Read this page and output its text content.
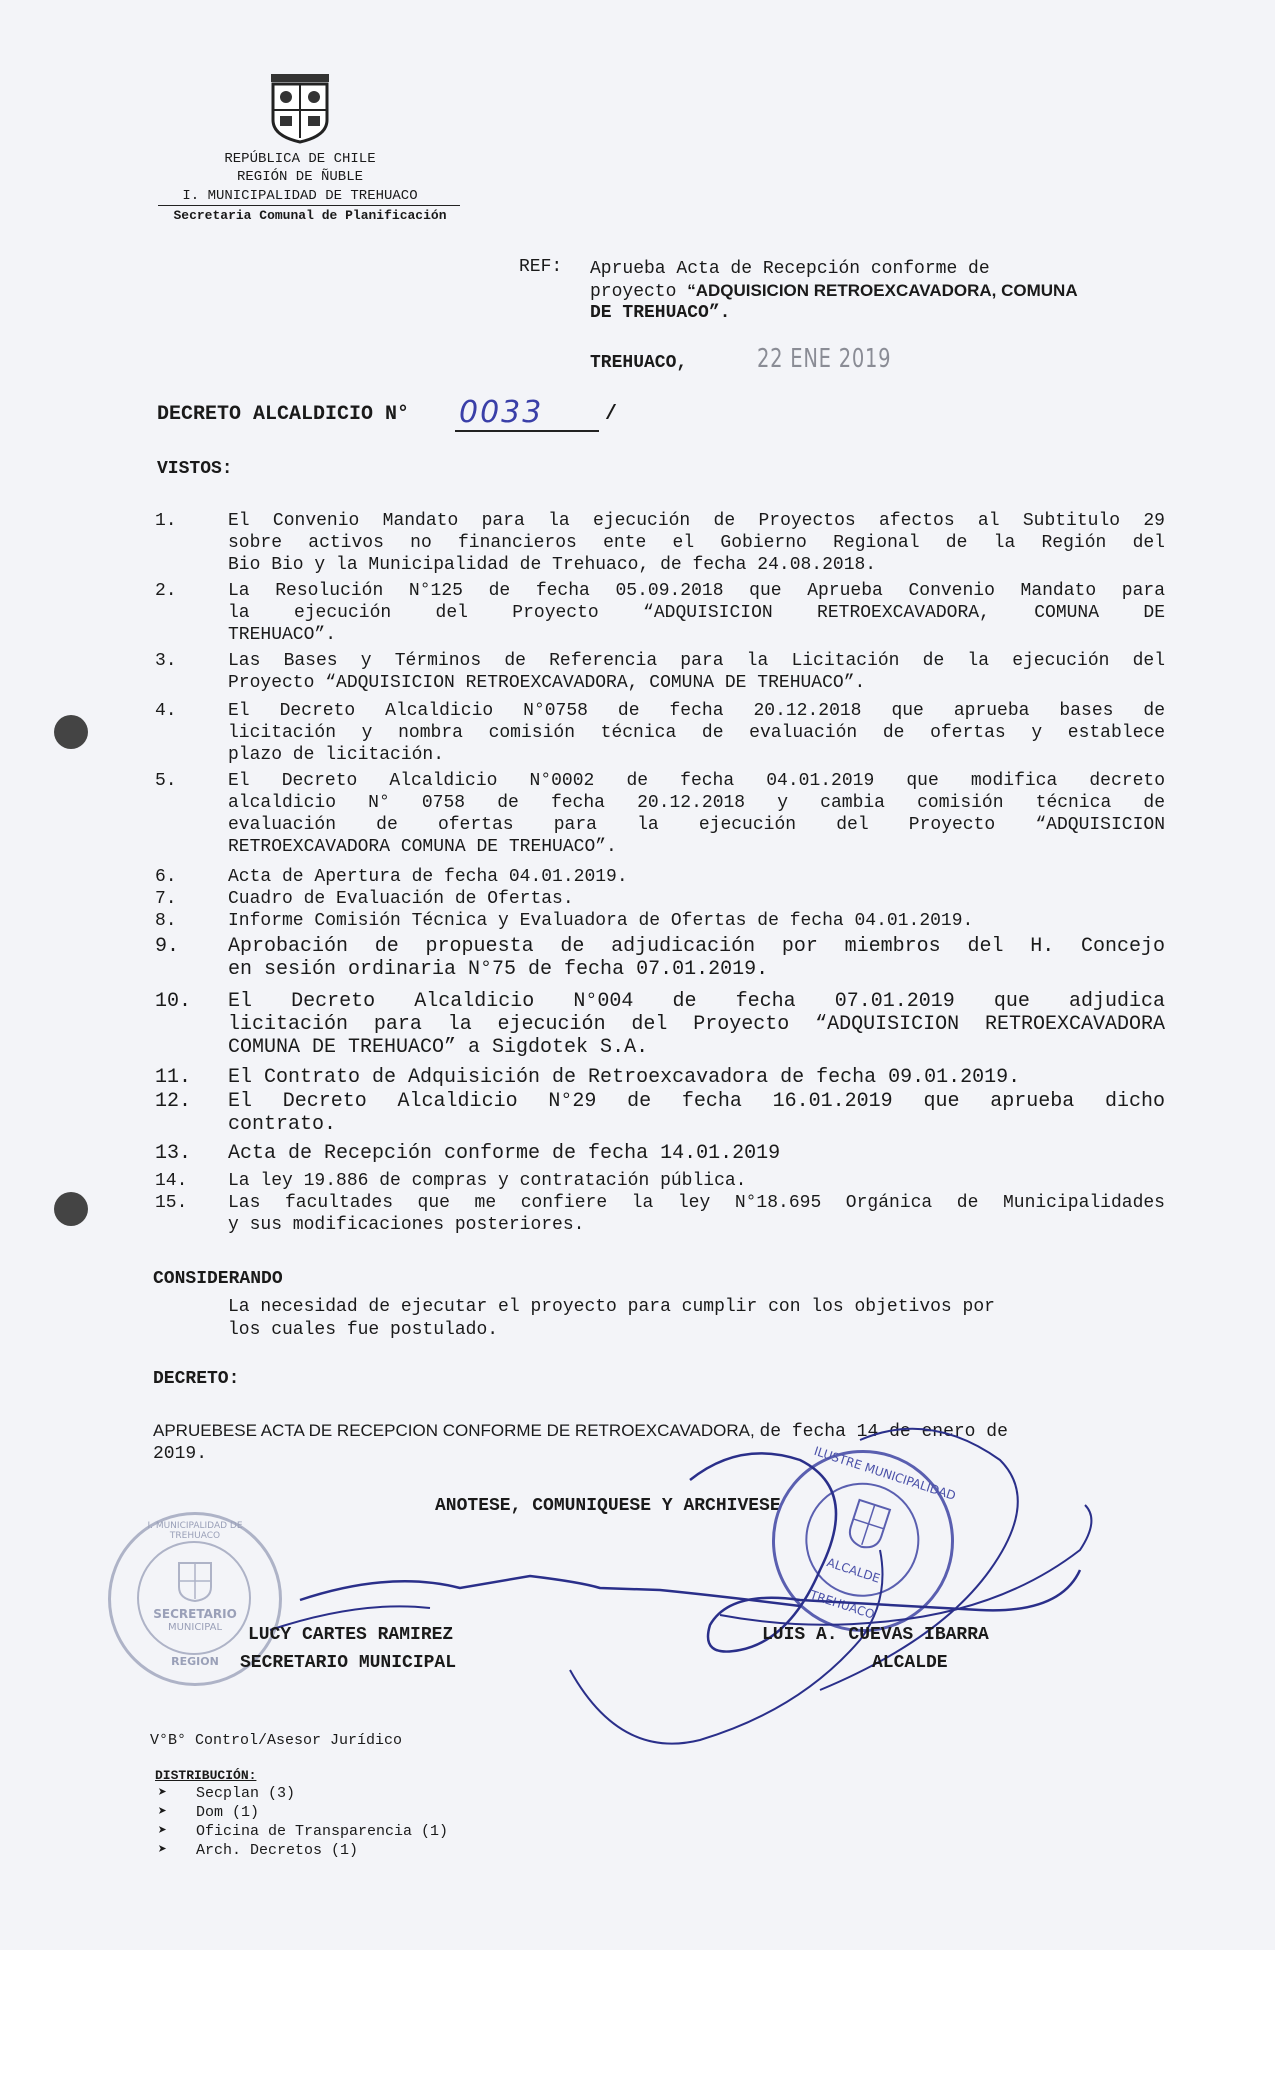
REPÚBLICA DE CHILE
REGIÓN DE ÑUBLE
I. MUNICIPALIDAD DE TREHUACO
Secretaria Comunal de Planificación
REF: Aprueba Acta de Recepción conforme de
proyecto “ADQUISICION RETROEXCAVADORA, COMUNA
DE TREHUACO”.
TREHUACO,	22 ENE 2019
DECRETO ALCALDICIO N° 0033	/
VISTOS:
1.	El Convenio Mandato para la ejecución de Proyectos afectos al Subtitulo 29
sobre activos no financieros ente el Gobierno Regional de la Región del
Bio Bio y la Municipalidad de Trehuaco, de fecha 24.08.2018.
2.	La Resolución N°125 de fecha 05.09.2018 que Aprueba Convenio Mandato para
la ejecución del Proyecto “ADQUISICION RETROEXCAVADORA, COMUNA DE
TREHUACO”.
3.	Las Bases y Términos de Referencia para la Licitación de la ejecución del
Proyecto “ADQUISICION RETROEXCAVADORA, COMUNA DE TREHUACO”.
4.	El Decreto Alcaldicio N°0758 de fecha 20.12.2018 que aprueba bases de
licitación y nombra comisión técnica de evaluación de ofertas y establece
plazo de licitación.
5.	El Decreto Alcaldicio N°0002 de fecha 04.01.2019 que modifica decreto
alcaldicio N° 0758 de fecha 20.12.2018 y cambia comisión técnica de
evaluación de ofertas para la ejecución del Proyecto “ADQUISICION
RETROEXCAVADORA COMUNA DE TREHUACO”.
6.	Acta de Apertura de fecha 04.01.2019.
7.	Cuadro de Evaluación de Ofertas.
8.	Informe Comisión Técnica y Evaluadora de Ofertas de fecha 04.01.2019.
9.	Aprobación de propuesta de adjudicación por miembros del H. Concejo
en sesión ordinaria N°75 de fecha 07.01.2019.
10.	El Decreto Alcaldicio N°004 de fecha 07.01.2019 que adjudica
licitación para la ejecución del Proyecto “ADQUISICION RETROEXCAVADORA
COMUNA DE TREHUACO” a Sigdotek S.A.
11.	El Contrato de Adquisición de Retroexcavadora de fecha 09.01.2019.
12.	El Decreto Alcaldicio N°29 de fecha 16.01.2019 que aprueba dicho
contrato.
13.	Acta de Recepción conforme de fecha 14.01.2019
14.	La ley 19.886 de compras y contratación pública.
15.	Las facultades que me confiere la ley N°18.695 Orgánica de Municipalidades
y sus modificaciones posteriores.
CONSIDERANDO
La necesidad de ejecutar el proyecto para cumplir con los objetivos por
los cuales fue postulado.
DECRETO:
APRUEBESE ACTA DE RECEPCION CONFORME DE RETROEXCAVADORA, de fecha 14 de enero de
2019.
ANOTESE, COMUNIQUESE Y ARCHIVESE
I. MUNICIPALIDAD DE TREHUACO
SECRETARIO
MUNICIPAL
REGION
ILUSTRE MUNICIPALIDAD
ALCALDE
TREHUACO
LUCY CARTES RAMIREZ
SECRETARIO MUNICIPAL
LUIS A. CUEVAS IBARRA
ALCALDE
V°B° Control/Asesor Jurídico
DISTRIBUCIÓN:
➤ Secplan (3)
➤ Dom (1)
➤ Oficina de Transparencia (1)
➤ Arch. Decretos (1)
